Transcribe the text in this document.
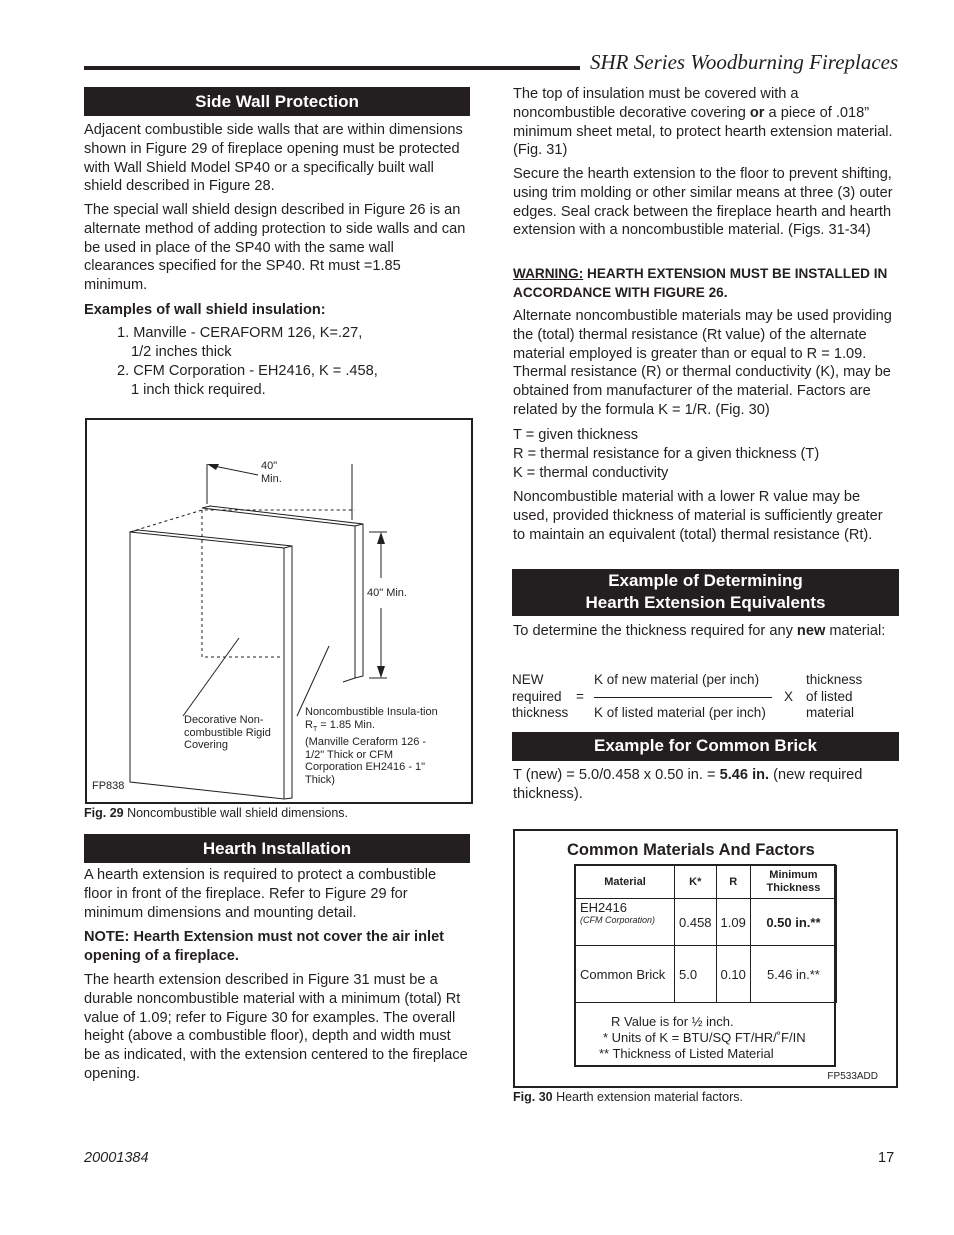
SHR Series Woodburning Fireplaces
Side Wall Protection

Adjacent combustible side walls that are within dimensions shown in Figure 29 of fireplace opening must be protected with Wall Shield Model SP40 or a specifically built wall shield described in Figure 28.

The special wall shield design described in Figure 26 is an alternate method of adding protection to side walls and can be used in place of the SP40 with the same wall clearances specified for the SP40. Rt must =1.85 minimum.

Examples of wall shield insulation:

1. Manville - CERAFORM 126, K=.27,

1/2 inches thick

2. CFM Corporation - EH2416, K = .458,

1 inch thick required.

40" Min.
40" Min.
Decorative Non-combustible Rigid Covering
Noncombustible Insula-tion
$R_T = 1.85$ Min.
(Manville Ceraform 126 - 1/2" Thick or CFM Corporation EH2416 - 1" Thick)
FP838
Fig. 29 Noncombustible wall shield dimensions.
Hearth Installation

A hearth extension is required to protect a combustible floor in front of the fireplace. Refer to Figure 29 for minimum dimensions and mounting detail.

NOTE: Hearth Extension must not cover the air inlet opening of a fireplace.

The hearth extension described in Figure 31 must be a durable noncombustible material with a minimum (total) Rt value of 1.09; refer to Figure 30 for examples. The overall height (above a combustible floor), depth and width must be as indicated, with the extension centered to the fireplace opening.

The top of insulation must be covered with a noncombustible decorative covering or a piece of .018” minimum sheet metal, to protect hearth extension material. (Fig. 31)

Secure the hearth extension to the floor to prevent shifting, using trim molding or other similar means at three (3) outer edges. Seal crack between the fireplace hearth and hearth extension with a noncombustible material. (Figs. 31-34)

WARNING: HEARTH EXTENSION MUST BE INSTALLED IN ACCORDANCE WITH FIGURE 26.

Alternate noncombustible materials may be used providing the (total) thermal resistance (Rt value) of the alternate material employed is greater than or equal to R = 1.09. Thermal resistance (R) or thermal conductivity (K), may be obtained from manufacturer of the material. Factors are related by the formula K = 1/R. (Fig. 30)

T = given thickness

R = thermal resistance for a given thickness (T)

K = thermal conductivity

Noncombustible material with a lower R value may be used, provided thickness of material is sufficiently greater to maintain an equivalent (total) thermal resistance (Rt).

Example of Determining
Hearth Extension Equivalents

To determine the thickness required for any new material:

NEW
required
thickness
=
K of new material (per inch)
K of listed material (per inch)
X
thickness
of listed
material
Example for Common Brick

T (new) = 5.0/0.458 x 0.50 in. = 5.46 in. (new required thickness).

Common Materials And Factors
Material	K*	R	Minimum
Thickness

EH2416
(CFM Corporation)	0.458	1.09	0.50 in.**
Common Brick	5.0	0.10	5.46 in.**
R Value is for ½ inch.
* Units of K = BTU/SQ FT/HR/˚F/IN
** Thickness of Listed Material
FP533ADD
Fig. 30 Hearth extension material factors.
20001384	17
